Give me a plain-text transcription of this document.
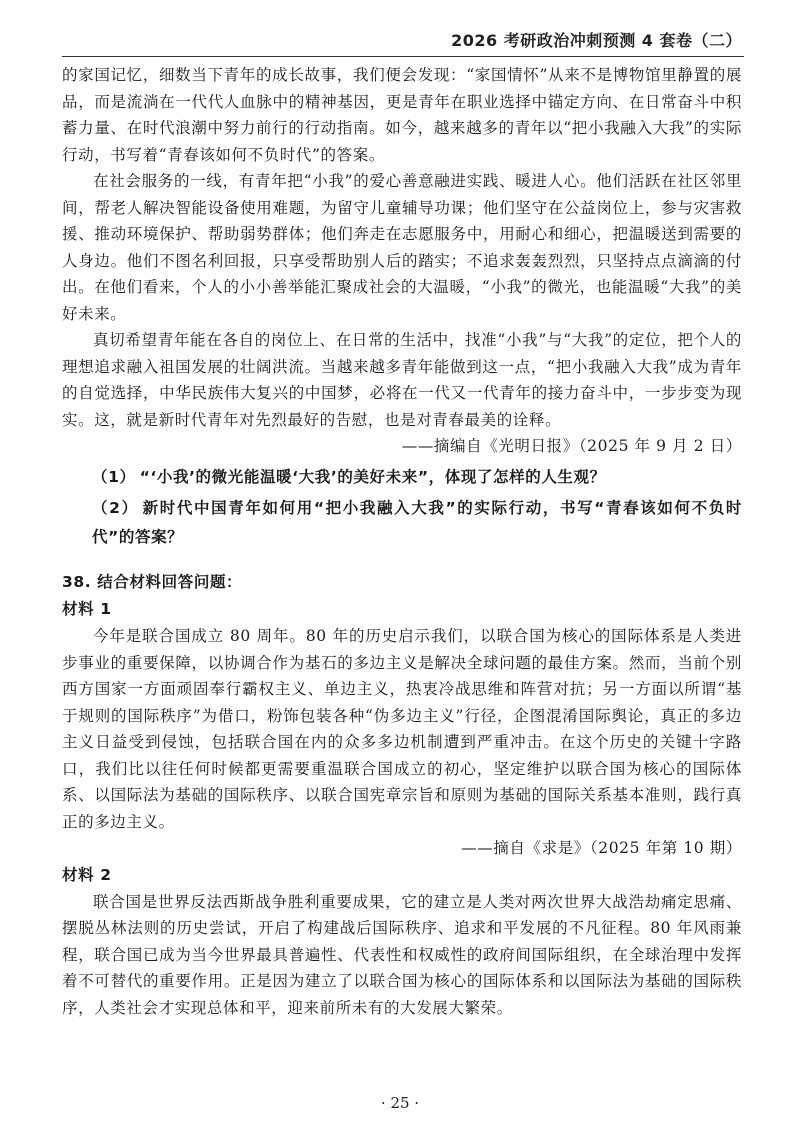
2026 考研政治冲刺预测 4 套卷（二）

的家国记忆，细数当下青年的成长故事，我们便会发现：“家国情怀”从来不是博物馆里静置的展品，而是流淌在一代代人血脉中的精神基因，更是青年在职业选择中锚定方向、在日常奋斗中积蓄力量、在时代浪潮中努力前行的行动指南。如今，越来越多的青年以“把小我融入大我”的实际行动，书写着“青春该如何不负时代”的答案。

在社会服务的一线，有青年把“小我”的爱心善意融进实践、暖进人心。他们活跃在社区邻里间，帮老人解决智能设备使用难题，为留守儿童辅导功课；他们坚守在公益岗位上，参与灾害救援、推动环境保护、帮助弱势群体；他们奔走在志愿服务中，用耐心和细心，把温暖送到需要的人身边。他们不图名利回报，只享受帮助别人后的踏实；不追求轰轰烈烈，只坚持点点滴滴的付出。在他们看来，个人的小小善举能汇聚成社会的大温暖，“小我”的微光，也能温暖“大我”的美好未来。

真切希望青年能在各自的岗位上、在日常的生活中，找准“小我”与“大我”的定位，把个人的理想追求融入祖国发展的壮阔洪流。当越来越多青年能做到这一点，“把小我融入大我”成为青年的自觉选择，中华民族伟大复兴的中国梦，必将在一代又一代青年的接力奋斗中，一步步变为现实。这，就是新时代青年对先烈最好的告慰，也是对青春最美的诠释。

——摘编自《光明日报》（2025 年 9 月 2 日）

（1） “‘小我’的微光能温暖‘大我’的美好未来”，体现了怎样的人生观？

（2） 新时代中国青年如何用“把小我融入大我”的实际行动，书写“青春该如何不负时代”的答案？

38. 结合材料回答问题：

材料 1

今年是联合国成立 80 周年。80 年的历史启示我们，以联合国为核心的国际体系是人类进步事业的重要保障，以协调合作为基石的多边主义是解决全球问题的最佳方案。然而，当前个别西方国家一方面顽固奉行霸权主义、单边主义，热衷冷战思维和阵营对抗；另一方面以所谓“基于规则的国际秩序”为借口，粉饰包装各种“伪多边主义”行径，企图混淆国际舆论，真正的多边主义日益受到侵蚀，包括联合国在内的众多多边机制遭到严重冲击。在这个历史的关键十字路口，我们比以往任何时候都更需要重温联合国成立的初心，坚定维护以联合国为核心的国际体系、以国际法为基础的国际秩序、以联合国宪章宗旨和原则为基础的国际关系基本准则，践行真正的多边主义。

——摘自《求是》（2025 年第 10 期）

材料 2

联合国是世界反法西斯战争胜利重要成果，它的建立是人类对两次世界大战浩劫痛定思痛、摆脱丛林法则的历史尝试，开启了构建战后国际秩序、追求和平发展的不凡征程。80 年风雨兼程，联合国已成为当今世界最具普遍性、代表性和权威性的政府间国际组织，在全球治理中发挥着不可替代的重要作用。正是因为建立了以联合国为核心的国际体系和以国际法为基础的国际秩序，人类社会才实现总体和平，迎来前所未有的大发展大繁荣。

· 25 ·
